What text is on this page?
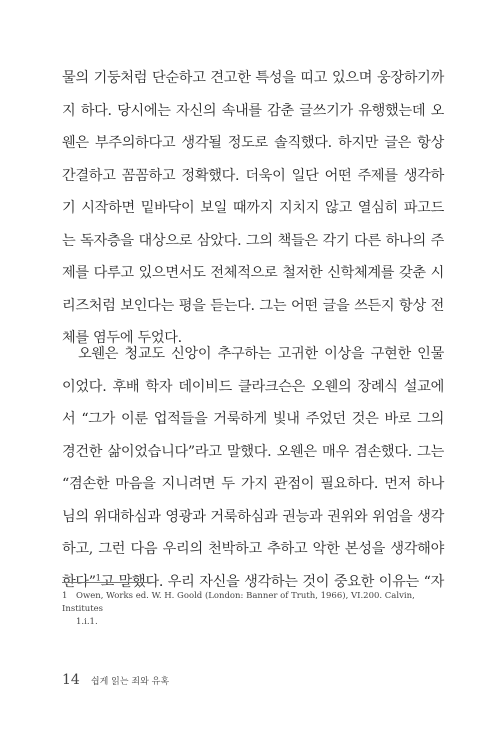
물의 기둥처럼 단순하고 견고한 특성을 띠고 있으며 웅장하기까
지 하다. 당시에는 자신의 속내를 감춘 글쓰기가 유행했는데 오
웬은 부주의하다고 생각될 정도로 솔직했다. 하지만 글은 항상
간결하고 꼼꼼하고 정확했다. 더욱이 일단 어떤 주제를 생각하
기 시작하면 밑바닥이 보일 때까지 지치지 않고 열심히 파고드
는 독자층을 대상으로 삼았다. 그의 책들은 각기 다른 하나의 주
제를 다루고 있으면서도 전체적으로 철저한 신학체계를 갖춘 시
리즈처럼 보인다는 평을 듣는다. 그는 어떤 글을 쓰든지 항상 전
체를 염두에 두었다.
오웬은 청교도 신앙이 추구하는 고귀한 이상을 구현한 인물
이었다. 후배 학자 데이비드 클라크슨은 오웬의 장례식 설교에
서 “그가 이룬 업적들을 거룩하게 빛내 주었던 것은 바로 그의
경건한 삶이었습니다”라고 말했다. 오웬은 매우 겸손했다. 그는
“겸손한 마음을 지니려면 두 가지 관점이 필요하다. 먼저 하나
님의 위대하심과 영광과 거룩하심과 권능과 권위와 위엄을 생각
하고, 그런 다음 우리의 천박하고 추하고 악한 본성을 생각해야
한다”$^1$고 말했다. 우리 자신을 생각하는 것이 중요한 이유는 “자
1 Owen, Works ed. W. H. Goold (London: Banner of Truth, 1966), VI.200. Calvin, Institutes
1.i.1.
14 쉽게 읽는 죄와 유혹
